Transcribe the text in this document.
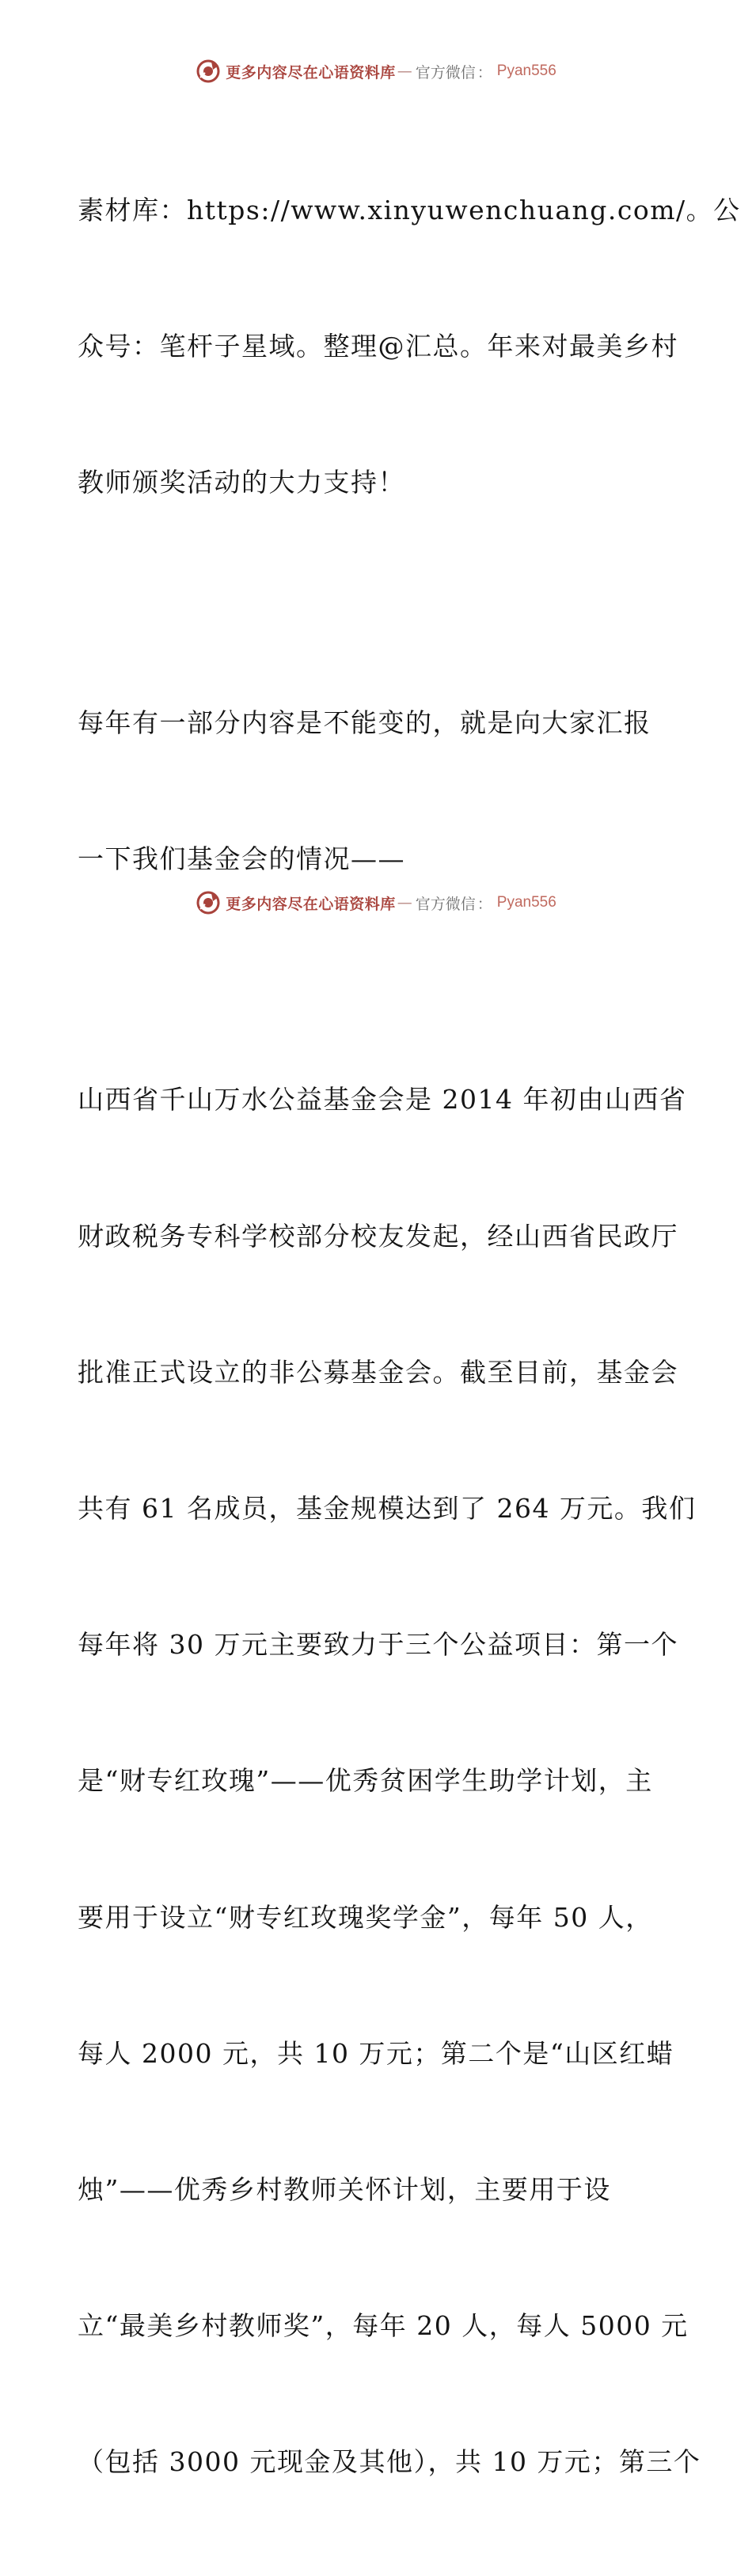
更多内容尽在心语资料库 — 官方微信 ： Pyan556

素材库：https://www.xinyuwenchuang.com/。公

众号：笔杆子星域。整理@汇总。年来对最美乡村

教师颁奖活动的大力支持！

每年有一部分内容是不能变的，就是向大家汇报

一下我们基金会的情况——

山西省千山万水公益基金会是 2014 年初由山西省

财政税务专科学校部分校友发起，经山西省民政厅

批准正式设立的非公募基金会。截至目前，基金会

共有 61 名成员，基金规模达到了 264 万元。我们

每年将 30 万元主要致力于三个公益项目：第一个

是“财专红玫瑰”——优秀贫困学生助学计划，主

要用于设立“财专红玫瑰奖学金”，每年 50 人，

每人 2000 元，共 10 万元；第二个是“山区红蜡

烛”——优秀乡村教师关怀计划，主要用于设

立“最美乡村教师奖”，每年 20 人，每人 5000 元

（包括 3000 元现金及其他），共 10 万元；第三个

更多内容尽在心语资料库 — 官方微信 ： Pyan556
